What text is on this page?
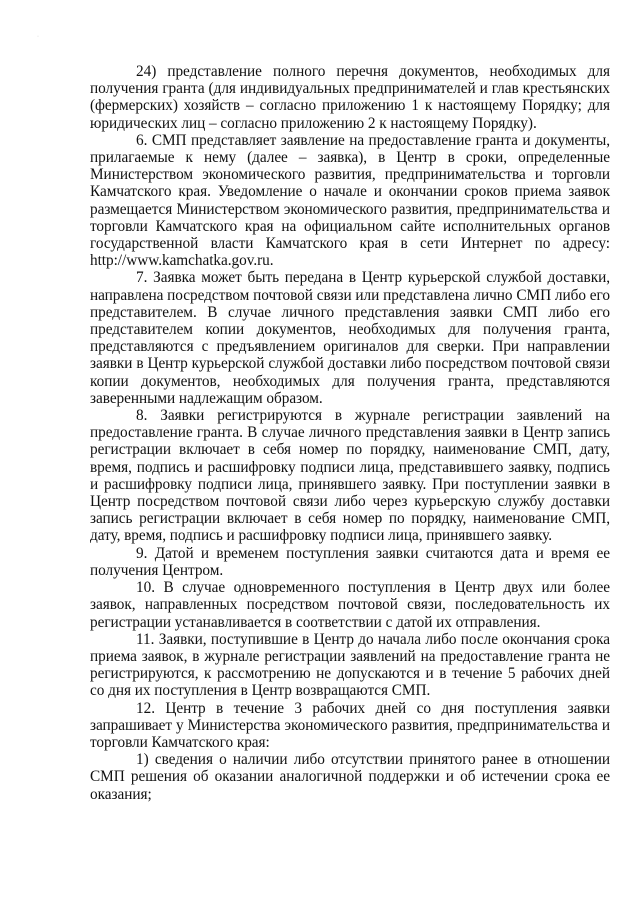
·

24) представление полного перечня документов, необходимых для получения гранта (для индивидуальных предпринимателей и глав крестьянских (фермерских) хозяйств – согласно приложению 1 к настоящему Порядку; для юридических лиц – согласно приложению 2 к настоящему Порядку).

6. СМП представляет заявление на предоставление гранта и документы, прилагаемые к нему (далее – заявка), в Центр в сроки, определенные Министерством экономического развития, предпринимательства и торговли Камчатского края. Уведомление о начале и окончании сроков приема заявок размещается Министерством экономического развития, предпринимательства и торговли Камчатского края на официальном сайте исполнительных органов государственной власти Камчатского края в сети Интернет по адресу: http://www.kamchatka.gov.ru.

7. Заявка может быть передана в Центр курьерской службой доставки, направлена посредством почтовой связи или представлена лично СМП либо его представителем. В случае личного представления заявки СМП либо его представителем копии документов, необходимых для получения гранта, представляются с предъявлением оригиналов для сверки. При направлении заявки в Центр курьерской службой доставки либо посредством почтовой связи копии документов, необходимых для получения гранта, представляются заверенными надлежащим образом.

8. Заявки регистрируются в журнале регистрации заявлений на предоставление гранта. В случае личного представления заявки в Центр запись регистрации включает в себя номер по порядку, наименование СМП, дату, время, подпись и расшифровку подписи лица, представившего заявку, подпись и расшифровку подписи лица, принявшего заявку. При поступлении заявки в Центр посредством почтовой связи либо через курьерскую службу доставки запись регистрации включает в себя номер по порядку, наименование СМП, дату, время, подпись и расшифровку подписи лица, принявшего заявку.

9. Датой и временем поступления заявки считаются дата и время ее получения Центром.

10. В случае одновременного поступления в Центр двух или более заявок, направленных посредством почтовой связи, последовательность их регистрации устанавливается в соответствии с датой их отправления.

11. Заявки, поступившие в Центр до начала либо после окончания срока приема заявок, в журнале регистрации заявлений на предоставление гранта не регистрируются, к рассмотрению не допускаются и в течение 5 рабочих дней со дня их поступления в Центр возвращаются СМП.

12. Центр в течение 3 рабочих дней со дня поступления заявки запрашивает у Министерства экономического развития, предпринимательства и торговли Камчатского края:

1) сведения о наличии либо отсутствии принятого ранее в отношении СМП решения об оказании аналогичной поддержки и об истечении срока ее оказания;
